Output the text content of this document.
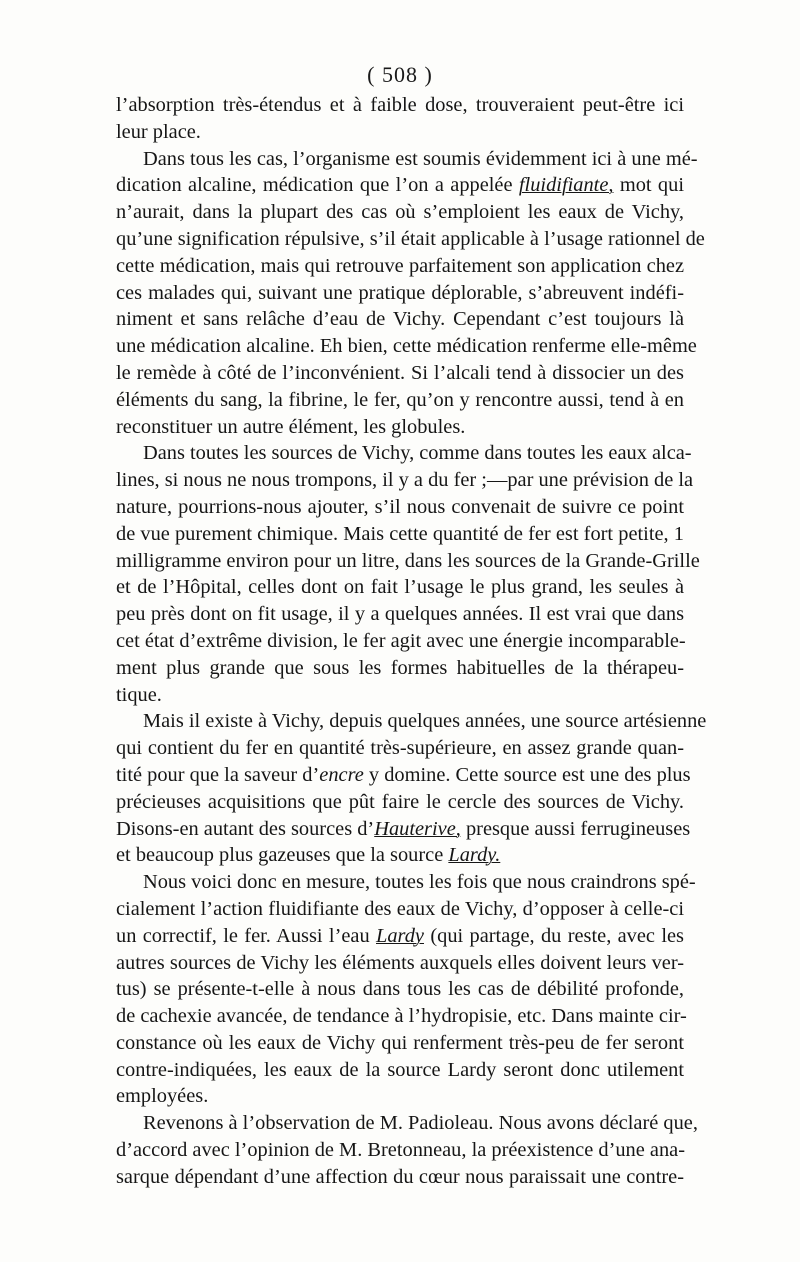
( 508 )
l’absorption très-étendus et à faible dose, trouveraient peut-être ici
leur place.
Dans tous les cas, l’organisme est soumis évidemment ici à une mé-
dication alcaline, médication que l’on a appelée fluidifiante, mot qui
n’aurait, dans la plupart des cas où s’emploient les eaux de Vichy,
qu’une signification répulsive, s’il était applicable à l’usage rationnel de
cette médication, mais qui retrouve parfaitement son application chez
ces malades qui, suivant une pratique déplorable, s’abreuvent indéfi-
niment et sans relâche d’eau de Vichy. Cependant c’est toujours là
une médication alcaline. Eh bien, cette médication renferme elle-même
le remède à côté de l’inconvénient. Si l’alcali tend à dissocier un des
éléments du sang, la fibrine, le fer, qu’on y rencontre aussi, tend à en
reconstituer un autre élément, les globules.
Dans toutes les sources de Vichy, comme dans toutes les eaux alca-
lines, si nous ne nous trompons, il y a du fer ;—par une prévision de la
nature, pourrions-nous ajouter, s’il nous convenait de suivre ce point
de vue purement chimique. Mais cette quantité de fer est fort petite, 1
milligramme environ pour un litre, dans les sources de la Grande-Grille
et de l’Hôpital, celles dont on fait l’usage le plus grand, les seules à
peu près dont on fit usage, il y a quelques années. Il est vrai que dans
cet état d’extrême division, le fer agit avec une énergie incomparable-
ment plus grande que sous les formes habituelles de la thérapeu-
tique.
Mais il existe à Vichy, depuis quelques années, une source artésienne
qui contient du fer en quantité très-supérieure, en assez grande quan-
tité pour que la saveur d’encre y domine. Cette source est une des plus
précieuses acquisitions que pût faire le cercle des sources de Vichy.
Disons-en autant des sources d’Hauterive, presque aussi ferrugineuses
et beaucoup plus gazeuses que la source Lardy.
Nous voici donc en mesure, toutes les fois que nous craindrons spé-
cialement l’action fluidifiante des eaux de Vichy, d’opposer à celle-ci
un correctif, le fer. Aussi l’eau Lardy (qui partage, du reste, avec les
autres sources de Vichy les éléments auxquels elles doivent leurs ver-
tus) se présente-t-elle à nous dans tous les cas de débilité profonde,
de cachexie avancée, de tendance à l’hydropisie, etc. Dans mainte cir-
constance où les eaux de Vichy qui renferment très-peu de fer seront
contre-indiquées, les eaux de la source Lardy seront donc utilement
employées.
Revenons à l’observation de M. Padioleau. Nous avons déclaré que,
d’accord avec l’opinion de M. Bretonneau, la préexistence d’une ana-
sarque dépendant d’une affection du cœur nous paraissait une contre-
